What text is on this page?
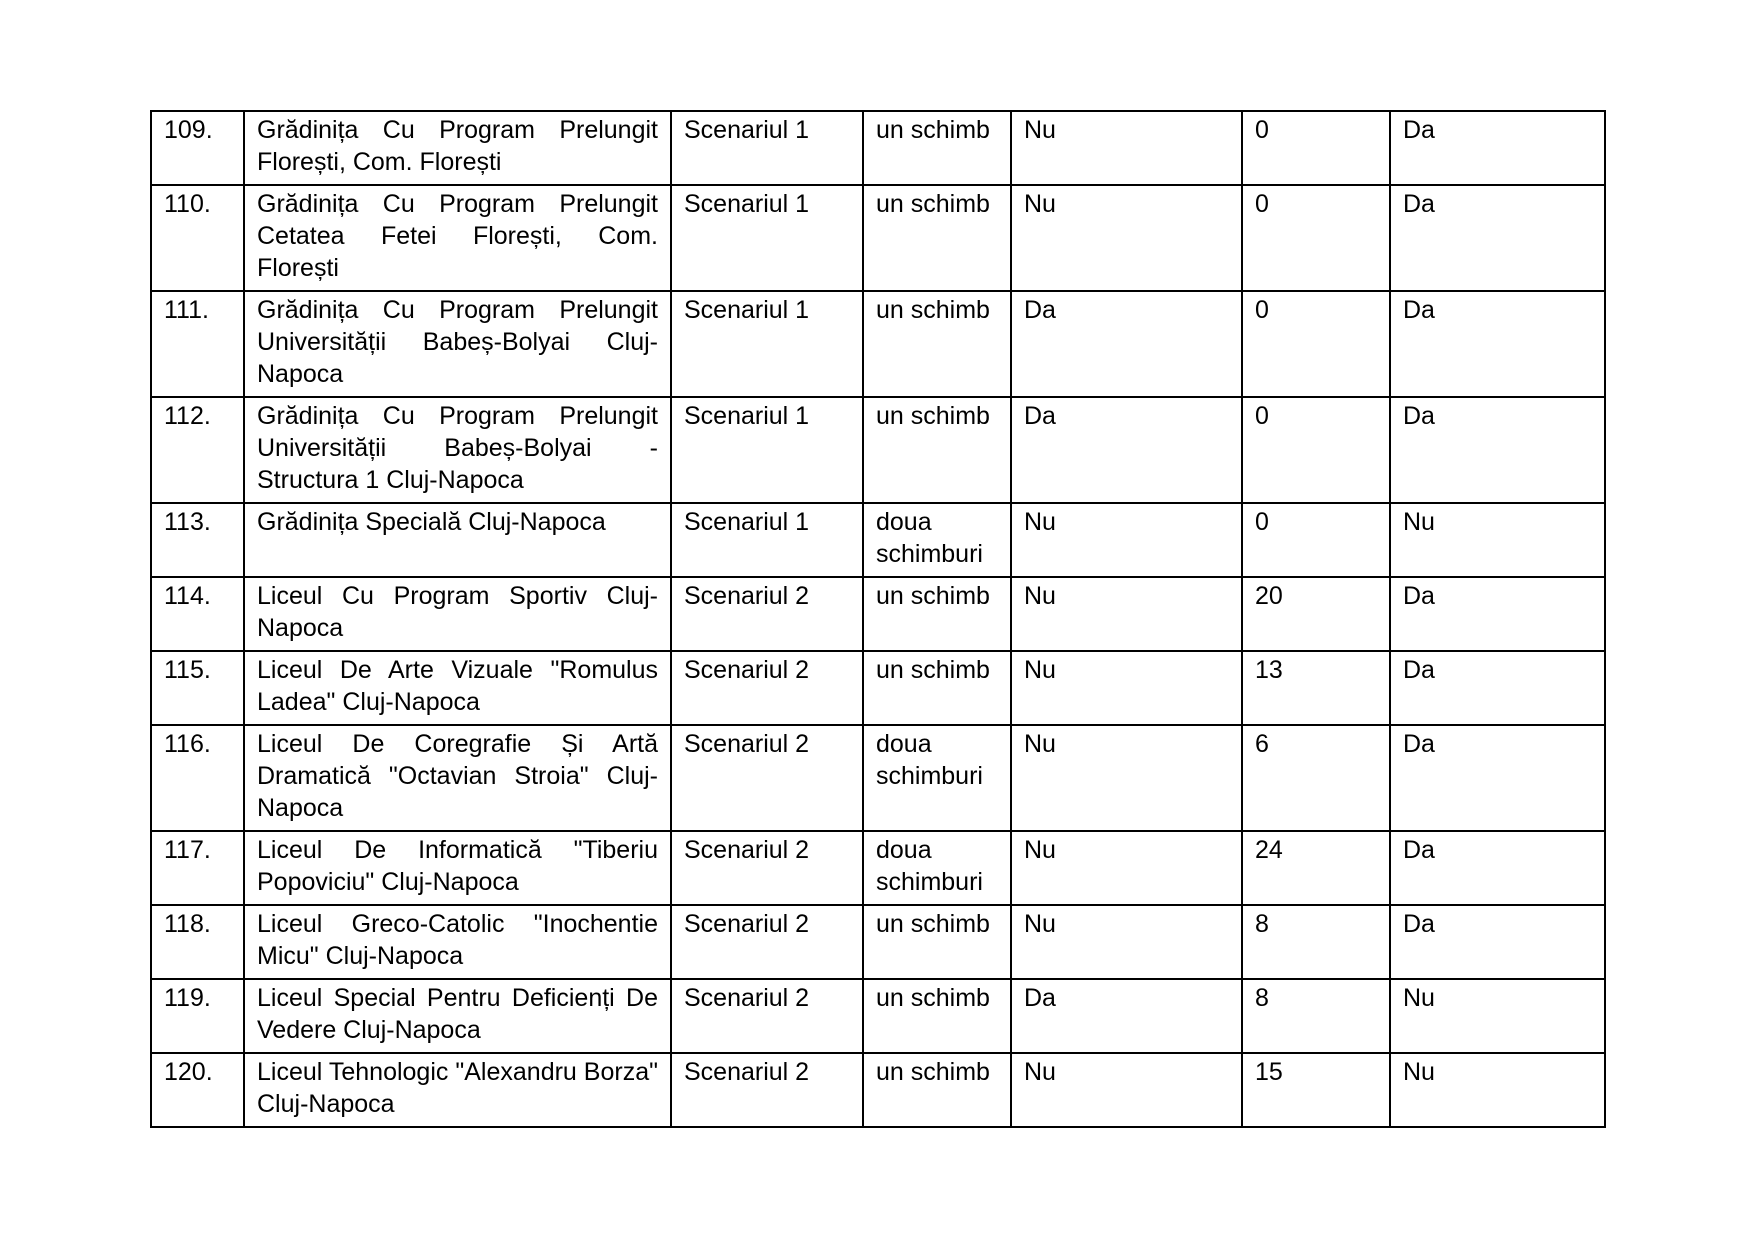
109.	Grădinița Cu Program Prelungit Florești, Com. Florești	Scenariul 1	un schimb	Nu	0	Da
110.	Grădinița Cu Program Prelungit Cetatea Fetei Florești, Com. Florești	Scenariul 1	un schimb	Nu	0	Da
111.	Grădinița Cu Program Prelungit Universității Babeș-Bolyai Cluj-Napoca	Scenariul 1	un schimb	Da	0	Da
112.	Grădinița Cu Program Prelungit Universității Babeș-Bolyai - Structura 1 Cluj-Napoca	Scenariul 1	un schimb	Da	0	Da
113.	Grădinița Specială Cluj-Napoca	Scenariul 1	doua schimburi	Nu	0	Nu
114.	Liceul Cu Program Sportiv Cluj-Napoca	Scenariul 2	un schimb	Nu	20	Da
115.	Liceul De Arte Vizuale "Romulus Ladea" Cluj-Napoca	Scenariul 2	un schimb	Nu	13	Da
116.	Liceul De Coregrafie Și Artă Dramatică "Octavian Stroia" Cluj-Napoca	Scenariul 2	doua schimburi	Nu	6	Da
117.	Liceul De Informatică "Tiberiu Popoviciu" Cluj-Napoca	Scenariul 2	doua schimburi	Nu	24	Da
118.	Liceul Greco-Catolic "Inochentie Micu" Cluj-Napoca	Scenariul 2	un schimb	Nu	8	Da
119.	Liceul Special Pentru Deficienți De Vedere Cluj-Napoca	Scenariul 2	un schimb	Da	8	Nu
120.	Liceul Tehnologic "Alexandru Borza" Cluj-Napoca	Scenariul 2	un schimb	Nu	15	Nu
